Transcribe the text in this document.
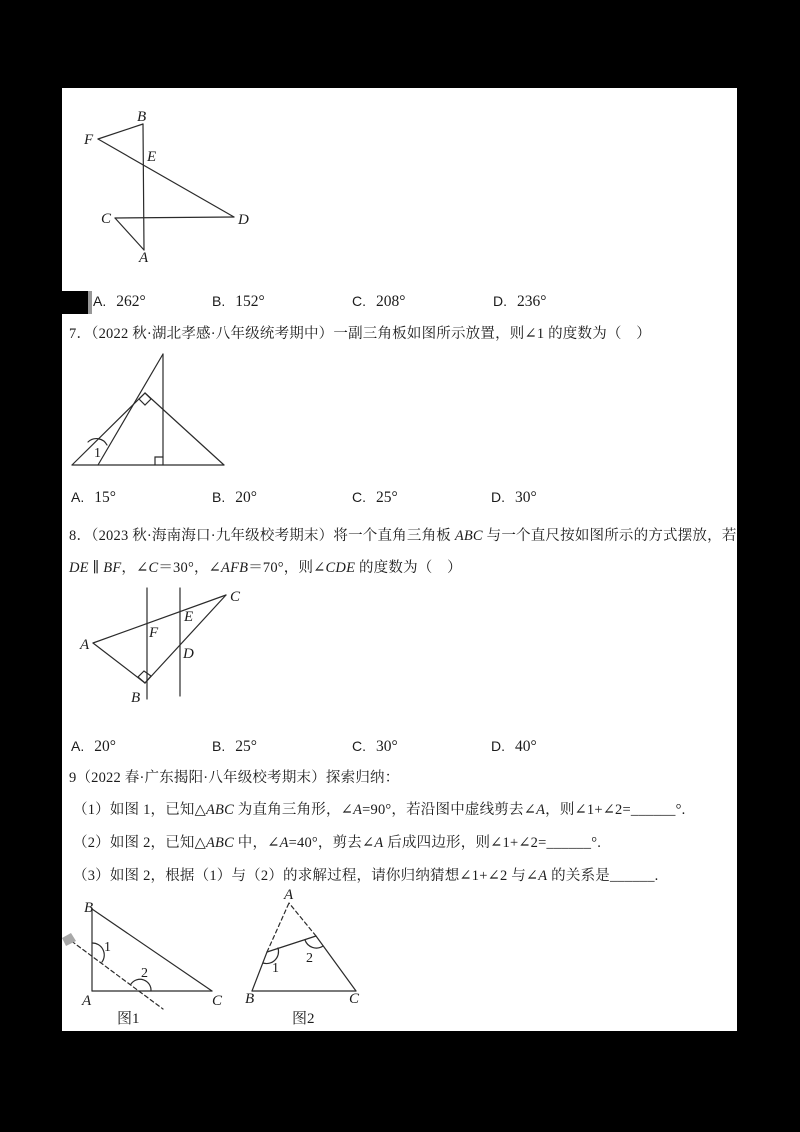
B
F
E
C	D
A
A. 262°	B. 152°	C. 208°	D. 236°
7．（2022 秋·湖北孝感·八年级统考期中）一副三角板如图所示放置，则∠1 的度数为（　）
1
A. 15°	B. 20°	C. 25°	D. 30°
8．（2023 秋·海南海口·九年级校考期末）将一个直角三角板 ABC 与一个直尺按如图所示的方式摆放，若
DE ∥ BF，∠C＝30°，∠AFB＝70°，则∠CDE 的度数为（　）
A
B
C
F
E
D
A. 20°	B. 25°	C. 30°	D. 40°
9（2022 春·广东揭阳·八年级校考期末）探索归纳：
（1）如图 1，已知△ABC 为直角三角形，∠A=90°，若沿图中虚线剪去∠A，则∠1+∠2=______°.
（2）如图 2，已知△ABC 中，∠A=40°，剪去∠A 后成四边形，则∠1+∠2=______°.
（3）如图 2，根据（1）与（2）的求解过程，请你归纳猜想∠1+∠2 与∠A 的关系是______.
B
A	C
1
2
图1
A
B	C
1
2
图2
